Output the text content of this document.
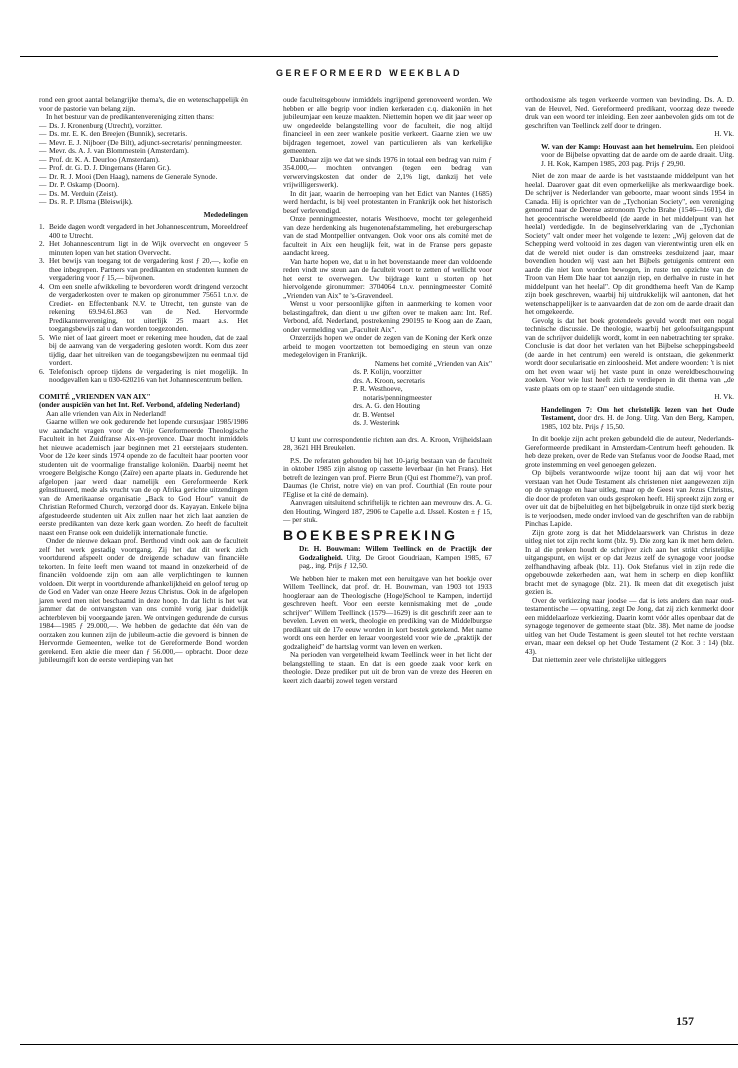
GEREFORMEERD WEEKBLAD

rond een groot aantal belangrijke thema's, die en wetenschappelijk èn voor de pastorie van belang zijn.

In het bestuur van de predikantenvereniging zitten thans:

— Ds. J. Kronenburg (Utrecht), vorzitter.
— Ds. mr. E. K. den Breejen (Bunnik), secretaris.
— Mevr. E. J. Nijboer (De Bilt), adjunct-secretaris/ penningmeester.
— Mevr. ds. A. J. van Blommestein (Amsterdam).
— Prof. dr. K. A. Deurloo (Amsterdam).
— Prof. dr. G. D. J. Dingemans (Haren Gr.).
— Dr. R. J. Mooi (Den Haag), namens de Generale Synode.
— Dr. P. Oskamp (Doorn).
— Ds. M. Verduin (Zeist).
— Ds. R. P. IJlsma (Bleiswijk).
Mededelingen
1. Beide dagen wordt vergaderd in het Johannescentrum, Moreeldreef 400 te Utrecht.
2. Het Johannescentrum ligt in de Wijk overvecht en ongeveer 5 minuten lopen van het station Overvecht.
3. Het bewijs van toegang tot de vergadering kost ƒ 20,—, kofie en thee inbegrepen. Partners van predikanten en studenten kunnen de vergadering voor ƒ 15,— bijwonen.
4. Om een snelle afwikkeling te bevorderen wordt dringend verzocht de vergaderkosten over te maken op gironummer 75651 t.n.v. de Crediet- en Effectenbank N.V. te Utrecht, ten gunste van de rekening 69.94.61.863 van de Ned. Hervormde Predikantenvereniging, tot uiterlijk 25 maart a.s. Het toegangsbewijs zal u dan worden toegezonden.
5. Wie niet of laat gireert moet er rekening mee houden, dat de zaal bij de aanvang van de vergadering gesloten wordt. Kom dus zeer tijdig, daar het uitreiken van de toegangsbewijzen nu eenmaal tijd vordert.
6. Telefonisch oproep tijdens de vergadering is niet mogelijk. In noodgevallen kan u 030-620216 van het Johannescentrum bellen.
COMITÉ „VRIENDEN VAN AIX"
(onder auspiciën van het Int. Ref. Verbond, afdeling Nederland)

Aan alle vrienden van Aix in Nederland!

Gaarne willen we ook gedurende het lopende cursusjaar 1985/1986 uw aandacht vragen voor de Vrije Gereformeerde Theologische Faculteit in het Zuidfranse Aix-en-provence. Daar mocht inmiddels het nieuwe academisch jaar beginnen met 21 eerstejaars studenten. Voor de 12e keer sinds 1974 opende zo de faculteit haar poorten voor studenten uit de voormalige franstalige koloniën. Daarbij neemt het vroegere Belgische Kongo (Zaïre) een aparte plaats in. Gedurende het afgelopen jaar werd daar namelijk een Gereformeerde Kerk geïnstitueerd, mede als vrucht van de op Afrika gerichte uitzendingen van de Amerikaanse organisatie „Back to God Hour" vanuit de Christian Reformed Church, verzorgd door ds. Kayayan. Enkele bijna afgestudeerde studenten uit Aix zullen naar het zich laat aanzien de eerste predikanten van deze kerk gaan worden. Zo heeft de faculteit naast een Franse ook een duidelijk internationale functie.

Onder de nieuwe dekaan prof. Berthoud vindt ook aan de faculteit zelf het werk gestadig voortgang. Zij het dat dit werk zich voortdurend afspeelt onder de dreigende schaduw van financiële tekorten. In feite leeft men waand tot maand in onzekerheid of de financiën voldoende zijn om aan alle verplichtingen te kunnen voldoen. Dit werpt in voortdurende afhankelijkheid en geloof terug op de God en Vader van onze Heere Jezus Christus. Ook in de afgelopen jaren werd men niet beschaamd in deze hoop. In dat licht is het wat jammer dat de ontvangsten van ons comité vorig jaar duidelijk achterbleven bij voorgaande jaren. We ontvingen gedurende de cursus 1984—1985 ƒ 29.000,—. We hebben de gedachte dat één van de oorzaken zou kunnen zijn de jubileum-actie die gevoerd is binnen de Hervormde Gemeenten, welke tot de Gereformerde Bond worden gerekend. Een aktie die meer dan ƒ 56.000,— opbracht. Door deze jubileumgift kon de eerste verdieping van het

oude faculteitsgebouw inmiddels ingrijpend gerenoveerd worden. We hebben er alle begrip voor indien kerkeraden c.q. diakoniën in het jubileumjaar een keuze maakten. Niettemin hopen we dit jaar weer op uw ongedeelde belangstelling voor de faculteit, die nog altijd financieel in een zeer wankele positie verkeert. Gaarne zien we uw bijdragen tegemoet, zowel van particulieren als van kerkelijke gemeenten.

Dankbaar zijn we dat we sinds 1976 in totaal een bedrag van ruim ƒ 354.000,— mochten ontvangen (tegen een bedrag van verwervingskosten dat onder de 2,1% ligt, dankzij het vele vrijwilligerswerk).

In dit jaar, waarin de herroeping van het Edict van Nantes (1685) werd herdacht, is bij veel protestanten in Frankrijk ook het historisch besef verlevendigd.

Onze penningmeester, notaris Westhoeve, mocht ter gelegenheid van deze herdenking als hugenotenafstammeling, het ereburgerschap van de stad Montpellier ontvangen. Ook voor ons als comité met de faculteit in Aix een heuglijk feit, wat in de Franse pers gepaste aandacht kreeg.

Van harte hopen we, dat u in het bovenstaande meer dan voldoende reden vindt uw steun aan de faculteit voort te zetten of wellicht voor het eerst te overwegen. Uw bijdrage kunt u storten op het hiervolgende gironummer: 3704064 t.n.v. penningmeester Comité „Vrienden van Aix" te 's-Gravendeel.

Wenst u voor persoonlijke giften in aanmerking te komen voor belastingaftrek, dan dient u uw giften over te maken aan: Int. Ref. Verbond, afd. Nederland, postrekening 290195 te Koog aan de Zaan, onder vermelding van „Faculteit Aix".

Onzerzijds hopen we onder de zegen van de Koning der Kerk onze arbeid te mogen voortzetten tot bemoediging en steun van onze medegelovigen in Frankrijk.

Namens het comité „Vrienden van Aix"
ds. P. Kolijn, voorzitter
drs. A. Kroon, secretaris
P. R. Westhoeve,
notaris/penningmeester
drs. A. G. den Houting
dr. B. Wentsel
ds. J. Westerink

U kunt uw correspondentie richten aan drs. A. Kroon, Vrijheidslaan 28, 3621 HH Breukelen.

P.S. De referaten gehouden bij het 10-jarig bestaan van de faculteit in oktober 1985 zijn alsnog op cassette leverbaar (in het Frans). Het betreft de lezingen van prof. Pierre Brun (Qui est l'homme?), van prof. Daumas (le Christ, notre vie) en van prof. Courthial (En route pour l'Eglise et la cité de demain).

Aanvragen uitsluitend schriftelijk te richten aan mevrouw drs. A. G. den Houting, Wingerd 187, 2906 te Capelle a.d. IJssel. Kosten ± ƒ 15,— per stuk.

BOEKBESPREKING
Dr. H. Bouwman: Willem Teellinck en de Practijk der Godzaligheid. Uitg. De Groot Goudriaan, Kampen 1985, 67 pag., ing. Prijs ƒ 12,50.

We hebben hier te maken met een heruitgave van het boekje over Willem Teellinck, dat prof. dr. H. Bouwman, van 1903 tot 1933 hoogleraar aan de Theologische (Hoge)School te Kampen, indertijd geschreven heeft. Voor een eerste kennismaking met de „oude schrijver" Willem Teellinck (1579—1629) is dit geschrift zeer aan te bevelen. Leven en werk, theologie en prediking van de Middelburgse predikant uit de 17e eeuw worden in kort bestek getekend. Met name wordt ons een herder en leraar voorgesteld voor wie de „praktijk der godzaligheid" de hartslag vormt van leven en werken.

Na perioden van vergetelheid kwam Teellinck weer in het licht der belangstelling te staan. En dat is een goede zaak voor kerk en theologie. Deze prediker put uit de bron van de vreze des Heeren en keert zich daarbij zowel tegen verstard

orthodoxisme als tegen verkeerde vormen van bevinding. Ds. A. D. van de Heuvel, Ned. Gereformeerd predikant, voorzag deze tweede druk van een woord ter inleiding. Een zeer aanbevolen gids om tot de geschriften van Teellinck zelf door te dringen.

H. Vk.
W. van der Kamp: Houvast aan het hemelruim. Een pleidooi voor de Bijbelse opvatting dat de aarde om de aarde draait. Uitg. J. H. Kok, Kampen 1985, 203 pag. Prijs ƒ 29,90.

Niet de zon maar de aarde is het vaststaande middelpunt van het heelal. Daarover gaat dit even opmerkelijke als merkwaardige boek. De schrijver is Nederlander van geboorte, maar woont sinds 1954 in Canada. Hij is oprichter van de „Tychonian Society", een vereniging genoemd naar de Deense astronoom Tycho Brahe (1546—1601), die het geocentrische wereldbeeld (de aarde in het middelpunt van het heelal) verdedigde. In de beginselverklaring van de „Tychonian Society" valt onder meer het volgende te lezen: „Wij geloven dat de Schepping werd voltooid in zes dagen van vierentwintig uren elk en dat de wereld niet ouder is dan omstreeks zesduizend jaar, maar bovendien houden wij vast aan het Bijbels getuigenis omtrent een aarde die niet kon worden bewogen, in ruste ten opzichte van de Troon van Hem Die haar tot aanzijn riep, en derhalve in ruste in het middelpunt van het heelal". Op dit grondthema heeft Van de Kamp zijn boek geschreven, waarbij hij uitdrukkelijk wil aantonen, dat het wetenschappelijker is te aanvaarden dat de zon om de aarde draait dan het omgekeerde.

Gevolg is dat het boek grotendeels gevuld wordt met een nogal technische discussie. De theologie, waarbij het geloofsuitgangspunt van de schrijver duidelijk wordt, komt in een nabetrachting ter sprake. Conclusie is dat door het verlaten van het Bijbelse scheppingsbeeld (de aarde in het centrum) een wereld is ontstaan, die gekenmerkt wordt door secularisatie en zinloosheid. Met andere woorden: 't is niet om het even waar wij het vaste punt in onze wereldbeschouwing zoeken. Voor wie lust heeft zich te verdiepen in dit thema van „de vaste plaats om op te staan" een uitdagende studie.

H. Vk.
Handelingen 7: Om het christelijk lezen van het Oude Testament, door drs. H. de Jong. Uitg. Van den Berg, Kampen, 1985, 102 blz. Prijs ƒ 15,50.

In dit boekje zijn acht preken gebundeld die de auteur, Nederlands-Gereformeerde predikant in Amsterdam-Centrum heeft gehouden. Ik heb deze preken, over de Rede van Stefanus voor de Joodse Raad, met grote instemming en veel genoegen gelezen.

Op bijbels verantwoorde wijze toont hij aan dat wij voor het verstaan van het Oude Testament als christenen niet aangewezen zijn op de synagoge en haar uitleg, maar op de Geest van Jezus Christus, die door de profeten van ouds gesproken heeft. Hij spreekt zijn zorg er over uit dat de bijbeluitleg en het bijbelgebruik in onze tijd sterk bezig is te verjoodsen, mede onder invloed van de geschriften van de rabbijn Pinchas Lapide.

Zijn grote zorg is dat het Middelaarswerk van Christus in deze uitleg niet tot zijn recht komt (blz. 9). Die zorg kan ik met hem delen. In al die preken houdt de schrijver zich aan het strikt christelijke uitgangspunt, en wijst er op dat Jezus zelf de synagoge voor joodse zelfhandhaving afbeak (blz. 11). Ook Stefanus viel in zijn rede die opgebouwde zekerheden aan, wat hem in scherp en diep konflikt bracht met de synagoge (blz. 21). Ik meen dat dit exegetisch juist gezien is.

Over de verkiezing naar joodse — dat is iets anders dan naar oud-testamentische — opvatting, zegt De Jong, dat zij zich kenmerkt door een middelaarloze verkiezing. Daarin komt vóór alles openbaar dat de synagoge tegenover de gemeente staat (blz. 38). Met name de joodse uitleg van het Oude Testament is geen sleutel tot het rechte verstaan ervan, maar een deksel op het Oude Testament (2 Kor. 3 : 14) (blz. 43).

Dat niettemin zeer vele christelijke uitleggers

157
